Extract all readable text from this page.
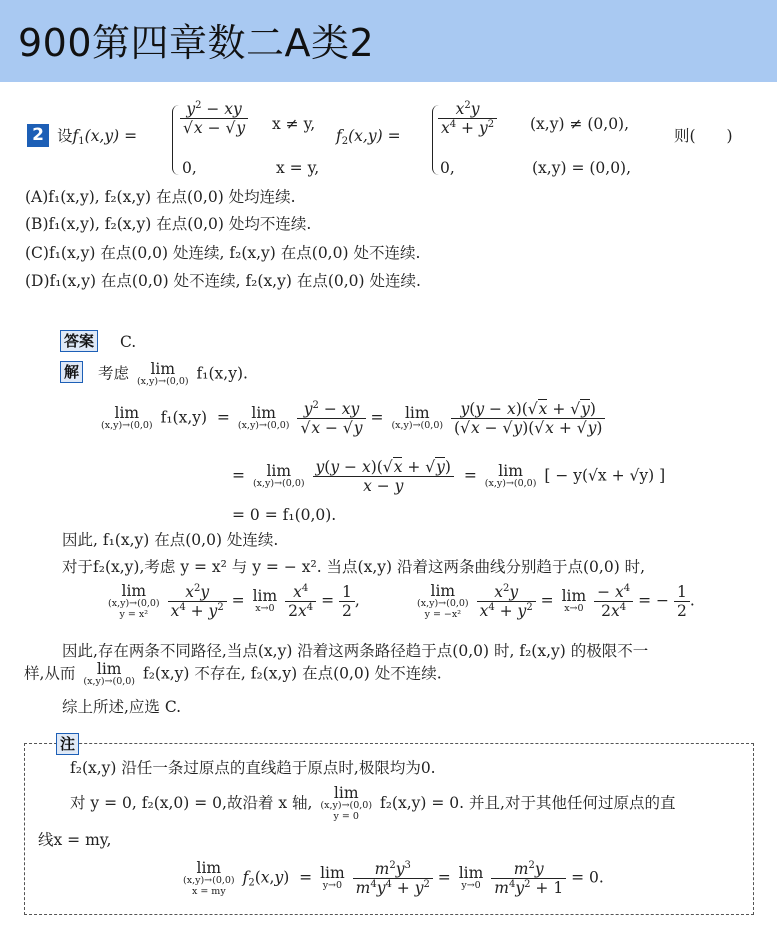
900第四章数二A类2
2 设$f_1(x,y)$ =	$\frac{y^2 - xy}{√x - √y}$ x ≠ y,
0,	x = y,
$f_2(x,y) = \frac{x^2y}{x^4 + y^2} (x,y) \ne (0,0)$,
0,	(x,y) = (0,0),
则(　　)
(A)f₁(x,y), f₂(x,y) 在点(0,0) 处均连续.
(B)f₁(x,y), f₂(x,y) 在点(0,0) 处均不连续.
(C)f₁(x,y) 在点(0,0) 处连续, f₂(x,y) 在点(0,0) 处不连续.
(D)f₁(x,y) 在点(0,0) 处不连续, f₂(x,y) 在点(0,0) 处连续.
答案 C.
解 考虑	lim
(x,y)→(0,0) f₁(x,y).
lim
(x,y)→(0,0) f₁(x,y) =	lim
(x,y)→(0,0)
$\frac{y^2 - xy}{√x - √y}$ =	lim
(x,y)→(0,0)
$\frac{y(y - x)(√x + √y)}{(√x - √y)(√x + √y)}$
=	lim
(x,y)→(0,0)
$\frac{y(y - x)(√x + √y)}{x - y}$ =	lim
(x,y)→(0,0) [ − y(√x + √y) ]
= 0 = f₁(0,0).
因此, f₁(x,y) 在点(0,0) 处连续.
对于f₂(x,y),考虑 y = x² 与 y = − x². 当点(x,y) 沿着这两条曲线分别趋于点(0,0) 时,
lim
(x,y)→(0,0)
y = x²
	$\frac{x^2y}{x^4 + y^2} = \lim$
x→0
$\frac{x^4}{2x^4} = \frac{1}{2}$ ,
lim
(x,y)→(0,0)
y = −x²
	$\frac{x^2y}{x^4 + y^2} = \lim$
x→0
$\frac{- x^4}{2x^4}$ = − $\frac{1}{2}$ .
因此,存在两条不同路径,当点(x,y) 沿着这两条路径趋于点(0,0) 时, f₂(x,y) 的极限不一
样,从而	lim
(x,y)→(0,0) f₂(x,y) 不存在, f₂(x,y) 在点(0,0) 处不连续.
综上所述,应选 C.
注
f₂(x,y) 沿任一条过原点的直线趋于原点时,极限均为0.
对 y = 0, f₂(x,0) = 0,故沿着 x 轴,
lim
(x,y)→(0,0)
y = 0
f₂(x,y) = 0. 并且,对于其他任何过原点的直
线x = my,
lim
(x,y)→(0,0)
x = my
$f_2(x,y) = \lim$
y→0
$\frac{m^2y^3}{m^4y^4 + y^2} = \lim$
y→0
$\frac{m^2y}{m^4y^2 + 1} = 0$.
